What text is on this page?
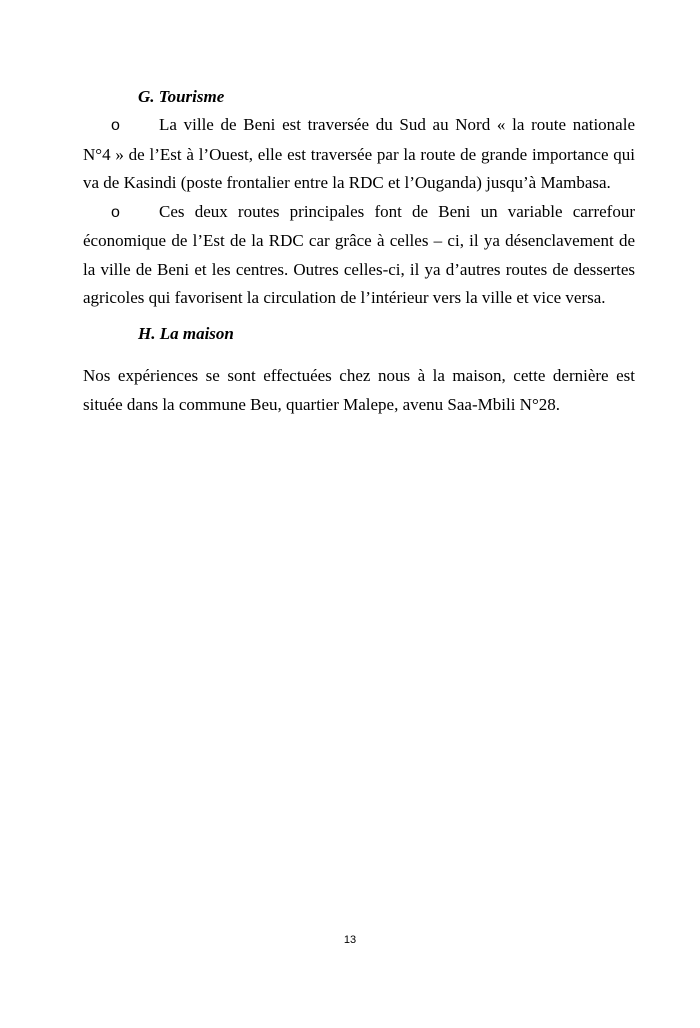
G. Tourisme

o La ville de Beni est traversée du Sud au Nord « la route nationale N°4 » de l’Est à l’Ouest, elle est traversée par la route de grande importance qui va de Kasindi (poste frontalier entre la RDC et l’Ouganda) jusqu’à Mambasa.

o Ces deux routes principales font de Beni un variable carrefour économique de l’Est de la RDC car grâce à celles – ci, il ya désenclavement de la ville de Beni et les centres. Outres celles-ci, il ya d’autres routes de dessertes agricoles qui favorisent la circulation de l’intérieur vers la ville et vice versa.

H. La maison

Nos expériences se sont effectuées chez nous à la maison, cette dernière est située dans la commune Beu, quartier Malepe, avenu Saa-Mbili N°28.

13
